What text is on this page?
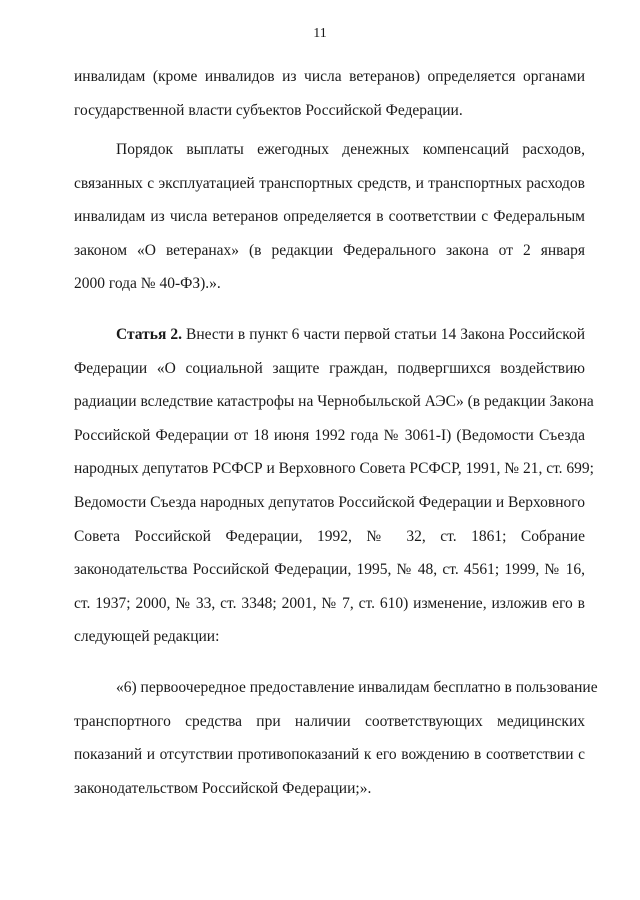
11
инвалидам (кроме инвалидов из числа ветеранов) определяется органами
государственной власти субъектов Российской Федерации.
Порядок выплаты ежегодных денежных компенсаций расходов,
связанных с эксплуатацией транспортных средств, и транспортных расходов
инвалидам из числа ветеранов определяется в соответствии с Федеральным
законом «О ветеранах» (в редакции Федерального закона от 2 января
2000 года № 40-ФЗ).».
Статья 2. Внести в пункт 6 части первой статьи 14 Закона Российской
Федерации «О социальной защите граждан, подвергшихся воздействию
радиации вследствие катастрофы на Чернобыльской АЭС» (в редакции Закона
Российской Федерации от 18 июня 1992 года № 3061-I) (Ведомости Съезда
народных депутатов РСФСР и Верховного Совета РСФСР, 1991, № 21, ст. 699;
Ведомости Съезда народных депутатов Российской Федерации и Верховного
Совета Российской Федерации, 1992, № 32, ст. 1861; Собрание
законодательства Российской Федерации, 1995, № 48, ст. 4561; 1999, № 16,
ст. 1937; 2000, № 33, ст. 3348; 2001, № 7, ст. 610) изменение, изложив его в
следующей редакции:
«6) первоочередное предоставление инвалидам бесплатно в пользование
транспортного средства при наличии соответствующих медицинских
показаний и отсутствии противопоказаний к его вождению в соответствии с
законодательством Российской Федерации;».
